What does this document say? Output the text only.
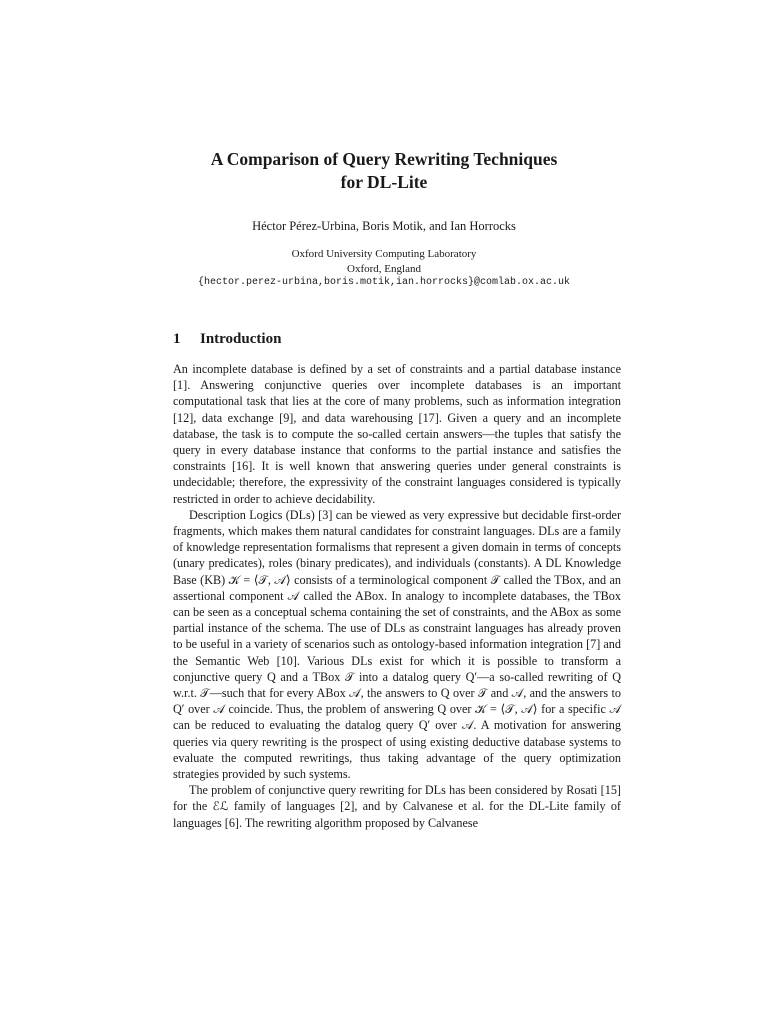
A Comparison of Query Rewriting Techniques
for DL-Lite
Héctor Pérez-Urbina, Boris Motik, and Ian Horrocks
Oxford University Computing Laboratory
Oxford, England
{hector.perez-urbina,boris.motik,ian.horrocks}@comlab.ox.ac.uk
1 Introduction

An incomplete database is defined by a set of constraints and a partial database instance [1]. Answering conjunctive queries over incomplete databases is an important computational task that lies at the core of many problems, such as information integration [12], data exchange [9], and data warehousing [17]. Given a query and an incomplete database, the task is to compute the so-called certain answers—the tuples that satisfy the query in every database instance that conforms to the partial instance and satisfies the constraints [16]. It is well known that answering queries under general constraints is undecidable; therefore, the expressivity of the constraint languages considered is typically restricted in order to achieve decidability.

Description Logics (DLs) [3] can be viewed as very expressive but decidable first-order fragments, which makes them natural candidates for constraint languages. DLs are a family of knowledge representation formalisms that represent a given domain in terms of concepts (unary predicates), roles (binary predicates), and individuals (constants). A DL Knowledge Base (KB) 𝒦 = ⟨𝒯, 𝒜⟩ consists of a terminological component 𝒯 called the TBox, and an assertional component 𝒜 called the ABox. In analogy to incomplete databases, the TBox can be seen as a conceptual schema containing the set of constraints, and the ABox as some partial instance of the schema. The use of DLs as constraint languages has already proven to be useful in a variety of scenarios such as ontology-based information integration [7] and the Semantic Web [10]. Various DLs exist for which it is possible to transform a conjunctive query Q and a TBox 𝒯 into a datalog query Q′—a so-called rewriting of Q w.r.t. 𝒯—such that for every ABox 𝒜, the answers to Q over 𝒯 and 𝒜, and the answers to Q′ over 𝒜 coincide. Thus, the problem of answering Q over 𝒦 = ⟨𝒯, 𝒜⟩ for a specific 𝒜 can be reduced to evaluating the datalog query Q′ over 𝒜. A motivation for answering queries via query rewriting is the prospect of using existing deductive database systems to evaluate the computed rewritings, thus taking advantage of the query optimization strategies provided by such systems.

The problem of conjunctive query rewriting for DLs has been considered by Rosati [15] for the ℰℒ family of languages [2], and by Calvanese et al. for the DL-Lite family of languages [6]. The rewriting algorithm proposed by Calvanese
